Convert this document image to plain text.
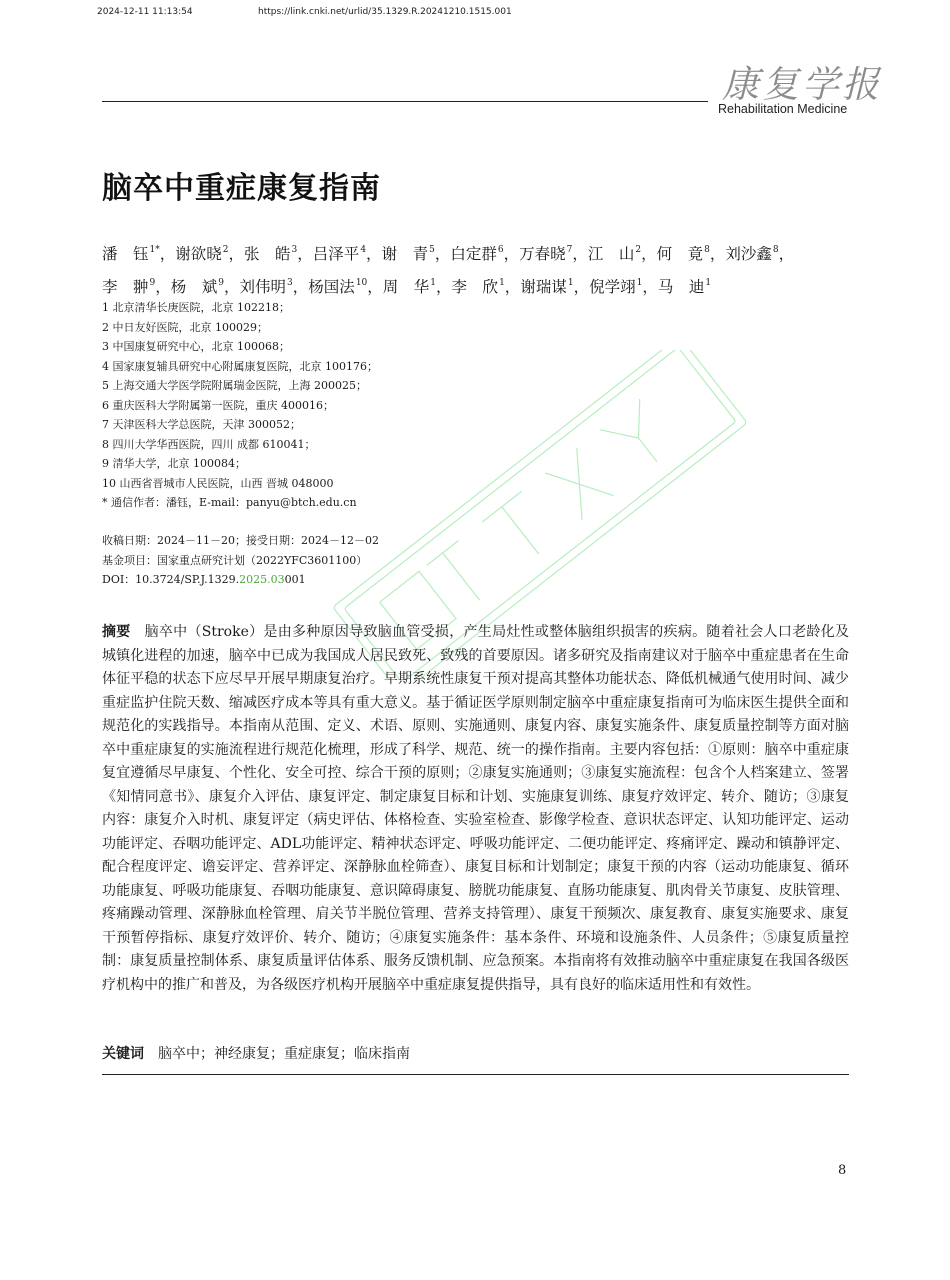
2024-12-11 11:13:54	https://link.cnki.net/urlid/35.1329.R.20241210.1515.001
康复学报
Rehabilitation Medicine
脑卒中重症康复指南
潘　钰$^{1*}$，谢欲晓$^2$，张　皓$^3$，吕泽平$^4$，谢　青$^5$，白定群$^6$，万春晓$^7$，江　山$^2$，何　竟$^8$，刘沙鑫$^8$，李　翀$^9$，杨　斌$^9$，刘伟明$^3$，杨国法$^{10}$，周　华$^1$，李　欣$^1$，谢瑞谋$^1$，倪学翊$^1$，马　迪$^1$
1 北京清华长庚医院，北京 102218；
2 中日友好医院，北京 100029；
3 中国康复研究中心，北京 100068；
4 国家康复辅具研究中心附属康复医院，北京 100176；
5 上海交通大学医学院附属瑞金医院，上海 200025；
6 重庆医科大学附属第一医院，重庆 400016；
7 天津医科大学总医院，天津 300052；
8 四川大学华西医院，四川 成都 610041；
9 清华大学，北京 100084；
10 山西省晋城市人民医院，山西 晋城 048000
* 通信作者：潘钰，E-mail：panyu@btch.edu.cn
收稿日期：2024－11－20；接受日期：2024－12－02
基金项目：国家重点研究计划（2022YFC3601100）
DOI：10.3724/SP.J.1329.2025.03001
摘要 脑卒中（Stroke）是由多种原因导致脑血管受损，产生局灶性或整体脑组织损害的疾病。随着社会人口老龄化及城镇化进程的加速，脑卒中已成为我国成人居民致死、致残的首要原因。诸多研究及指南建议对于脑卒中重症患者在生命体征平稳的状态下应尽早开展早期康复治疗。早期系统性康复干预对提高其整体功能状态、降低机械通气使用时间、减少重症监护住院天数、缩减医疗成本等具有重大意义。基于循证医学原则制定脑卒中重症康复指南可为临床医生提供全面和规范化的实践指导。本指南从范围、定义、术语、原则、实施通则、康复内容、康复实施条件、康复质量控制等方面对脑卒中重症康复的实施流程进行规范化梳理，形成了科学、规范、统一的操作指南。主要内容包括：①原则：脑卒中重症康复宜遵循尽早康复、个性化、安全可控、综合干预的原则；②康复实施通则；③康复实施流程：包含个人档案建立、签署《知情同意书》、康复介入评估、康复评定、制定康复目标和计划、实施康复训练、康复疗效评定、转介、随访；③康复内容：康复介入时机、康复评定（病史评估、体格检查、实验室检查、影像学检查、意识状态评定、认知功能评定、运动功能评定、吞咽功能评定、ADL功能评定、精神状态评定、呼吸功能评定、二便功能评定、疼痛评定、躁动和镇静评定、配合程度评定、谵妄评定、营养评定、深静脉血栓筛查）、康复目标和计划制定；康复干预的内容（运动功能康复、循环功能康复、呼吸功能康复、吞咽功能康复、意识障碍康复、膀胱功能康复、直肠功能康复、肌肉骨关节康复、皮肤管理、疼痛躁动管理、深静脉血栓管理、肩关节半脱位管理、营养支持管理）、康复干预频次、康复教育、康复实施要求、康复干预暂停指标、康复疗效评价、转介、随访；④康复实施条件：基本条件、环境和设施条件、人员条件；⑤康复质量控制：康复质量控制体系、康复质量评估体系、服务反馈机制、应急预案。本指南将有效推动脑卒中重症康复在我国各级医疗机构中的推广和普及，为各级医疗机构开展脑卒中重症康复提供指导，具有良好的临床适用性和有效性。
关键词 脑卒中；神经康复；重症康复；临床指南
8
